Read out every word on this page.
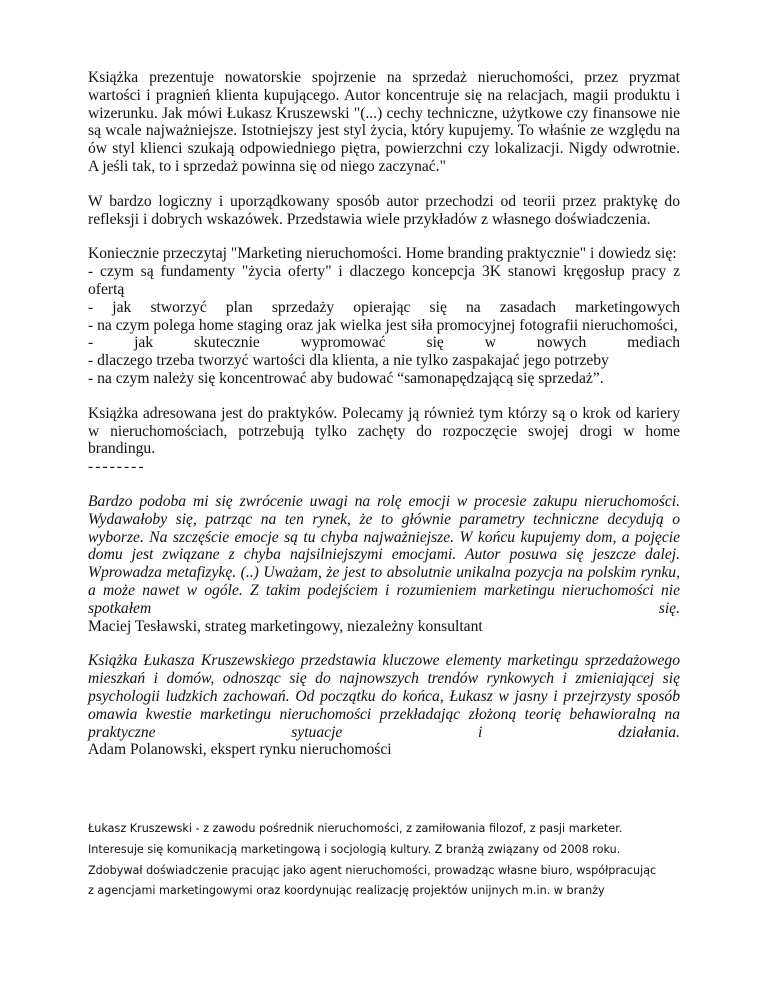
Książka prezentuje nowatorskie spojrzenie na sprzedaż nieruchomości, przez pryzmat wartości i pragnień klienta kupującego. Autor koncentruje się na relacjach, magii produktu i wizerunku. Jak mówi Łukasz Kruszewski "(...) cechy techniczne, użytkowe czy finansowe nie są wcale najważniejsze. Istotniejszy jest styl życia, który kupujemy. To właśnie ze względu na ów styl klienci szukają odpowiedniego piętra, powierzchni czy lokalizacji. Nigdy odwrotnie. A jeśli tak, to i sprzedaż powinna się od niego zaczynać."

W bardzo logiczny i uporządkowany sposób autor przechodzi od teorii przez praktykę do refleksji i dobrych wskazówek. Przedstawia wiele przykładów z własnego doświadczenia.

Koniecznie przeczytaj "Marketing nieruchomości. Home branding praktycznie" i dowiedz się:
- czym są fundamenty "życia oferty" i dlaczego koncepcja 3K stanowi kręgosłup pracy z ofertą
- jak stworzyć plan sprzedaży opierając się na zasadach marketingowych
- na czym polega home staging oraz jak wielka jest siła promocyjnej fotografii nieruchomości,
- jak skutecznie wypromować się w nowych mediach
- dlaczego trzeba tworzyć wartości dla klienta, a nie tylko zaspakajać jego potrzeby
- na czym należy się koncentrować aby budować “samonapędzającą się sprzedaż”.

Książka adresowana jest do praktyków. Polecamy ją również tym którzy są o krok od kariery w nieruchomościach, potrzebują tylko zachęty do rozpoczęcie swojej drogi w home brandingu.

--------

Bardzo podoba mi się zwrócenie uwagi na rolę emocji w procesie zakupu nieruchomości. Wydawałoby się, patrząc na ten rynek, że to głównie parametry techniczne decydują o wyborze. Na szczęście emocje są tu chyba najważniejsze. W końcu kupujemy dom, a pojęcie domu jest związane z chyba najsilniejszymi emocjami. Autor posuwa się jeszcze dalej. Wprowadza metafizykę. (..) Uważam, że jest to absolutnie unikalna pozycja na polskim rynku, a może nawet w ogóle. Z takim podejściem i rozumieniem marketingu nieruchomości nie spotkałem się.

Maciej Tesławski, strateg marketingowy, niezależny konsultant

Książka Łukasza Kruszewskiego przedstawia kluczowe elementy marketingu sprzedażowego mieszkań i domów, odnosząc się do najnowszych trendów rynkowych i zmieniającej się psychologii ludzkich zachowań. Od początku do końca, Łukasz w jasny i przejrzysty sposób omawia kwestie marketingu nieruchomości przekładając złożoną teorię behawioralną na praktyczne sytuacje i działania.

Adam Polanowski, ekspert rynku nieruchomości
Łukasz Kruszewski - z zawodu pośrednik nieruchomości, z zamiłowania filozof, z pasji marketer.
Interesuje się komunikacją marketingową i socjologią kultury. Z branżą związany od 2008 roku.
Zdobywał doświadczenie pracując jako agent nieruchomości, prowadząc własne biuro, współpracując
z agencjami marketingowymi oraz koordynując realizację projektów unijnych m.in. w branży
